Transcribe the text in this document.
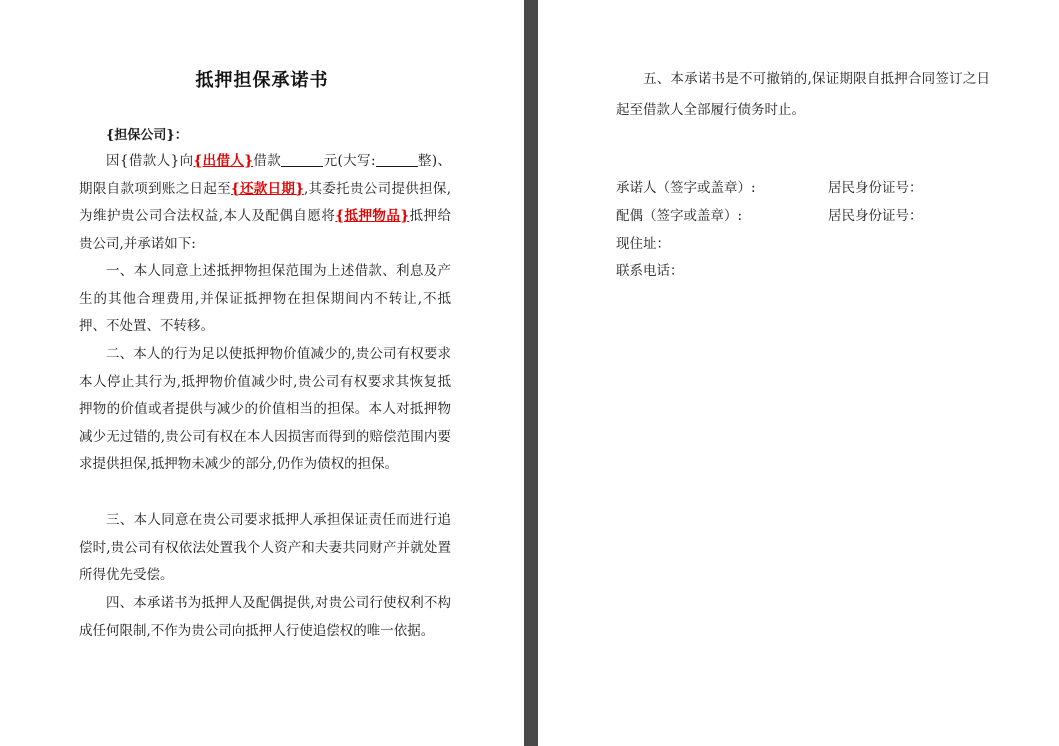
抵押担保承诺书
{担保公司}：
因{借款人}向{出借人}借款	元(大写:	整)、期限自款项到账之日起至{还款日期},其委托贵公司提供担保,为维护贵公司合法权益,本人及配偶自愿将{抵押物品}抵押给贵公司,并承诺如下:
一、本人同意上述抵押物担保范围为上述借款、利息及产生的其他合理费用,并保证抵押物在担保期间内不转让,不抵押、不处置、不转移。
二、本人的行为足以使抵押物价值减少的,贵公司有权要求本人停止其行为,抵押物价值减少时,贵公司有权要求其恢复抵押物的价值或者提供与减少的价值相当的担保。本人对抵押物减少无过错的,贵公司有权在本人因损害而得到的赔偿范围内要求提供担保,抵押物未减少的部分,仍作为债权的担保。
三、本人同意在贵公司要求抵押人承担保证责任而进行追偿时,贵公司有权依法处置我个人资产和夫妻共同财产并就处置所得优先受偿。
四、本承诺书为抵押人及配偶提供,对贵公司行使权利不构成任何限制,不作为贵公司向抵押人行使追偿权的唯一依据。
五、本承诺书是不可撤销的,保证期限自抵押合同签订之日起至借款人全部履行债务时止。
承诺人（签字或盖章）:	居民身份证号：
配偶（签字或盖章）:	居民身份证号：
现住址：
联系电话：
